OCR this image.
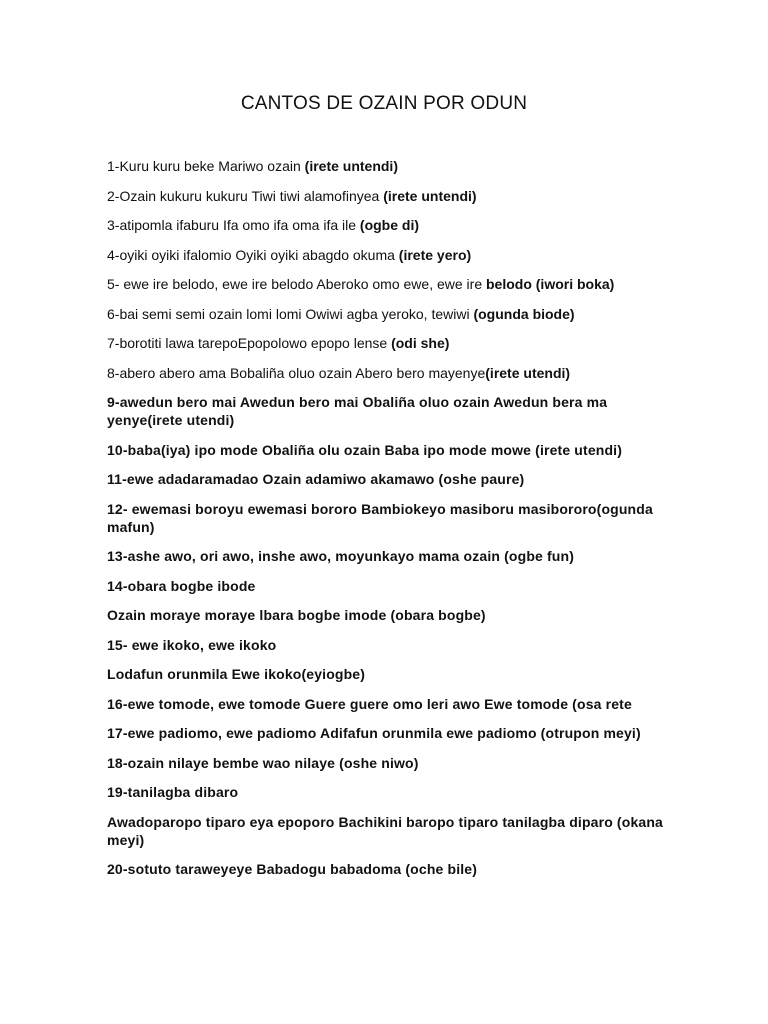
CANTOS DE OZAIN POR ODUN
1-Kuru kuru beke Mariwo ozain (irete untendi)
2-Ozain kukuru kukuru Tiwi tiwi alamofinyea (irete untendi)
3-atipomla ifaburu Ifa omo ifa oma ifa ile (ogbe di)
4-oyiki oyiki ifalomio Oyiki oyiki abagdo okuma (irete yero)
5- ewe ire belodo, ewe ire belodo Aberoko omo ewe, ewe ire belodo (iwori boka)
6-bai semi semi ozain lomi lomi Owiwi agba yeroko, tewiwi (ogunda biode)
7-borotiti lawa tarepoEpopolowo epopo lense (odi she)
8-abero abero ama Bobaliña oluo ozain Abero bero mayenye(irete utendi)
9-awedun bero mai Awedun bero mai Obaliña oluo ozain Awedun bera ma yenye(irete utendi)
10-baba(iya) ipo mode Obaliña olu ozain Baba ipo mode mowe (irete utendi)
11-ewe adadaramadao Ozain adamiwo akamawo (oshe paure)
12- ewemasi boroyu ewemasi bororo Bambiokeyo masiboru masibororo(ogunda mafun)
13-ashe awo, ori awo, inshe awo, moyunkayo mama ozain (ogbe fun)
14-obara bogbe ibode
Ozain moraye moraye lbara bogbe imode (obara bogbe)
15- ewe ikoko, ewe ikoko
Lodafun orunmila Ewe ikoko(eyiogbe)
16-ewe tomode, ewe tomode Guere guere omo leri awo Ewe tomode (osa rete
17-ewe padiomo, ewe padiomo Adifafun orunmila ewe padiomo (otrupon meyi)
18-ozain nilaye bembe wao nilaye (oshe niwo)
19-tanilagba dibaro
Awadoparopo tiparo eya epoporo Bachikini baropo tiparo tanilagba diparo (okana meyi)
20-sotuto taraweyeye Babadogu babadoma (oche bile)
